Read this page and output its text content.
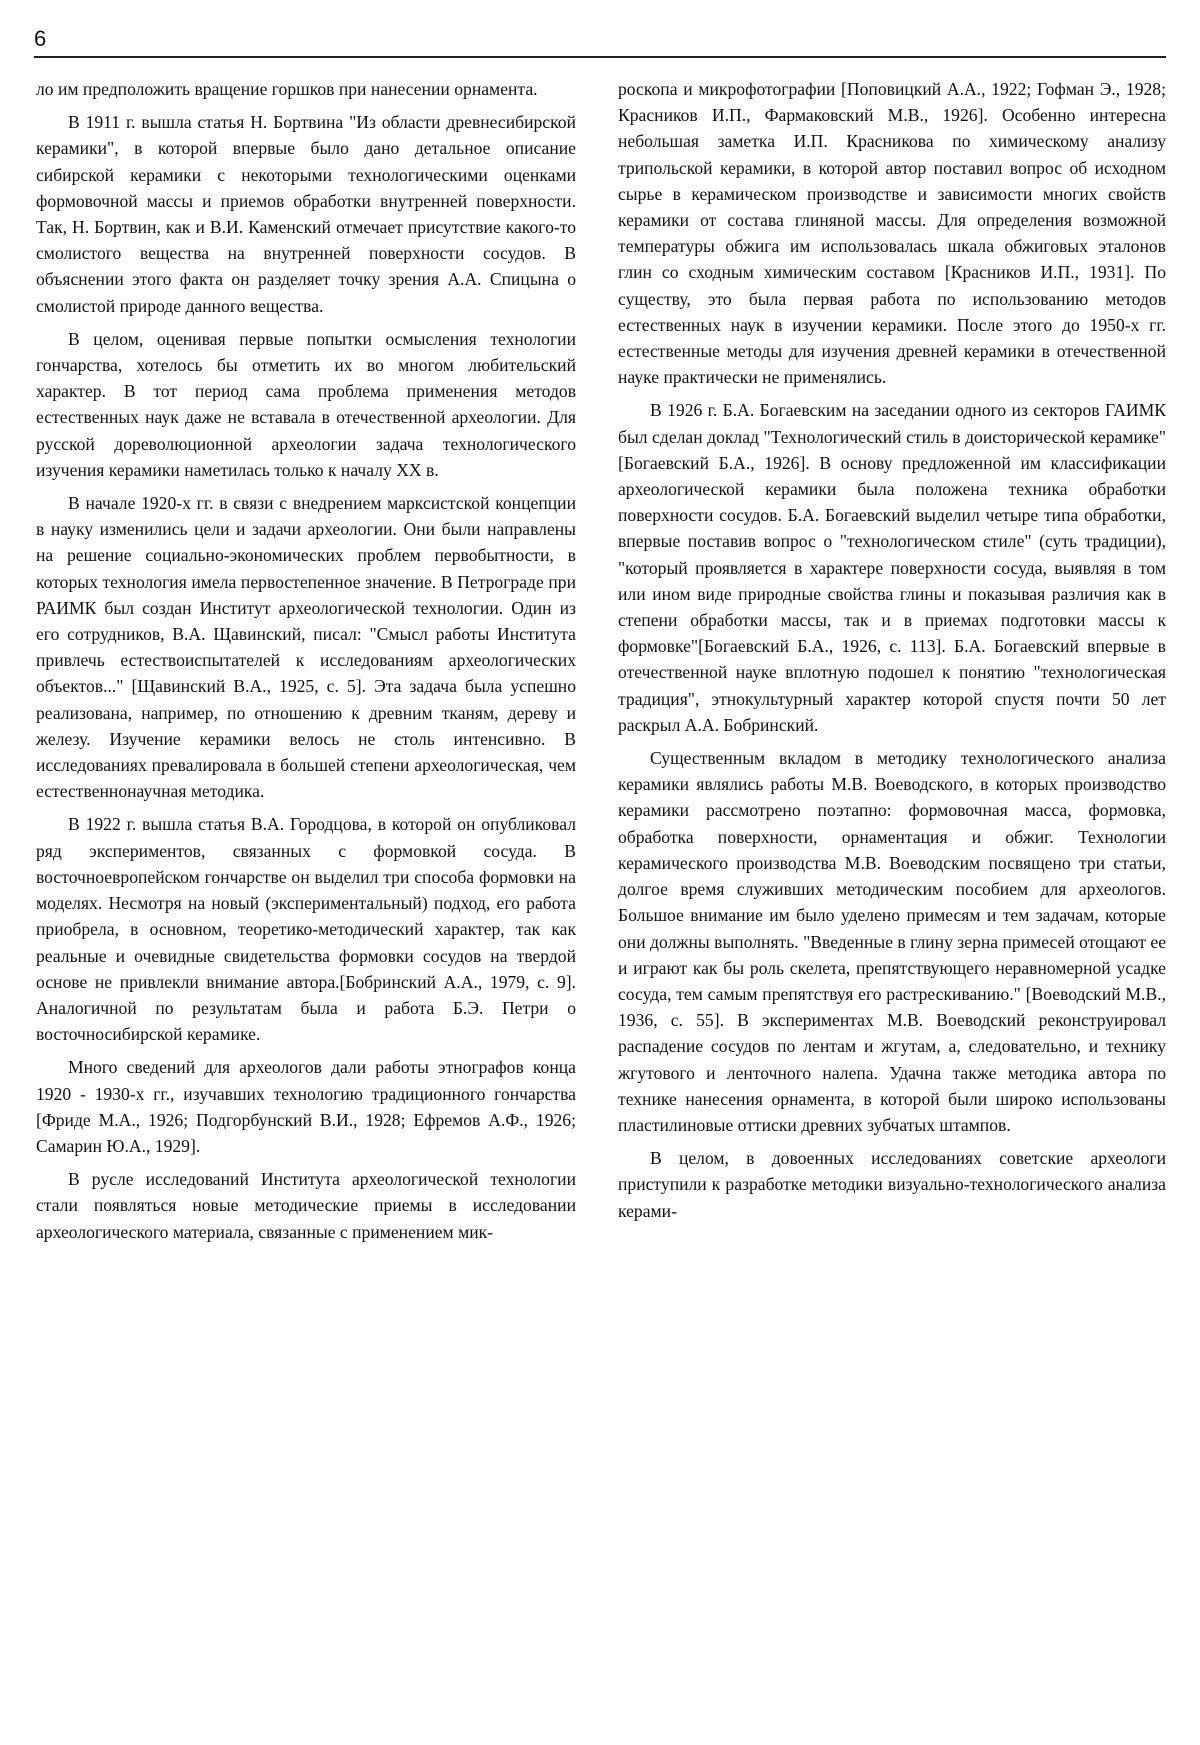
6

ло им предположить вращение горшков при нанесении орнамента.

В 1911 г. вышла статья Н. Бортвина "Из области древнесибирской керамики", в которой впервые было дано детальное описание сибирской керамики с некоторыми технологическими оценками формовочной массы и приемов обработки внутренней поверхности. Так, Н. Бортвин, как и В.И. Каменский отмечает присутствие какого-то смолистого вещества на внутренней поверхности сосудов. В объяснении этого факта он разделяет точку зрения А.А. Спицына о смолистой природе данного вещества.

В целом, оценивая первые попытки осмысления технологии гончарства, хотелось бы отметить их во многом любительский характер. В тот период сама проблема применения методов естественных наук даже не вставала в отечественной археологии. Для русской дореволюционной археологии задача технологического изучения керамики наметилась только к началу XX в.

В начале 1920-х гг. в связи с внедрением марксистской концепции в науку изменились цели и задачи археологии. Они были направлены на решение социально-экономических проблем первобытности, в которых технология имела первостепенное значение. В Петрограде при РАИМК был создан Институт археологической технологии. Один из его сотрудников, В.А. Щавинский, писал: "Смысл работы Института привлечь естествоиспытателей к исследованиям археологических объектов..." [Щавинский В.А., 1925, с. 5]. Эта задача была успешно реализована, например, по отношению к древним тканям, дереву и железу. Изучение керамики велось не столь интенсивно. В исследованиях превалировала в большей степени археологическая, чем естественнонаучная методика.

В 1922 г. вышла статья В.А. Городцова, в которой он опубликовал ряд экспериментов, связанных с формовкой сосуда. В восточноевропейском гончарстве он выделил три способа формовки на моделях. Несмотря на новый (экспериментальный) подход, его работа приобрела, в основном, теоретико-методический характер, так как реальные и очевидные свидетельства формовки сосудов на твердой основе не привлекли внимание автора.[Бобринский А.А., 1979, с. 9]. Аналогичной по результатам была и работа Б.Э. Петри о восточносибирской керамике.

Много сведений для археологов дали работы этнографов конца 1920 - 1930-х гг., изучавших технологию традиционного гончарства [Фриде М.А., 1926; Подгорбунский В.И., 1928; Ефремов А.Ф., 1926; Самарин Ю.А., 1929].

В русле исследований Института археологической технологии стали появляться новые методические приемы в исследовании археологического материала, связанные с применением мик-

роскопа и микрофотографии [Поповицкий А.А., 1922; Гофман Э., 1928; Красников И.П., Фармаковский М.В., 1926]. Особенно интересна небольшая заметка И.П. Красникова по химическому анализу трипольской керамики, в которой автор поставил вопрос об исходном сырье в керамическом производстве и зависимости многих свойств керамики от состава глиняной массы. Для определения возможной температуры обжига им использовалась шкала обжиговых эталонов глин со сходным химическим составом [Красников И.П., 1931]. По существу, это была первая работа по использованию методов естественных наук в изучении керамики. После этого до 1950-х гг. естественные методы для изучения древней керамики в отечественной науке практически не применялись.

В 1926 г. Б.А. Богаевским на заседании одного из секторов ГАИМК был сделан доклад "Технологический стиль в доисторической керамике" [Богаевский Б.А., 1926]. В основу предложенной им классификации археологической керамики была положена техника обработки поверхности сосудов. Б.А. Богаевский выделил четыре типа обработки, впервые поставив вопрос о "технологическом стиле" (суть традиции), "который проявляется в характере поверхности сосуда, выявляя в том или ином виде природные свойства глины и показывая различия как в степени обработки массы, так и в приемах подготовки массы к формовке"[Богаевский Б.А., 1926, с. 113]. Б.А. Богаевский впервые в отечественной науке вплотную подошел к понятию "технологическая традиция", этнокультурный характер которой спустя почти 50 лет раскрыл А.А. Бобринский.

Существенным вкладом в методику технологического анализа керамики являлись работы М.В. Воеводского, в которых производство керамики рассмотрено поэтапно: формовочная масса, формовка, обработка поверхности, орнаментация и обжиг. Технологии керамического производства М.В. Воеводским посвящено три статьи, долгое время служивших методическим пособием для археологов. Большое внимание им было уделено примесям и тем задачам, которые они должны выполнять. "Введенные в глину зерна примесей отощают ее и играют как бы роль скелета, препятствующего неравномерной усадке сосуда, тем самым препятствуя его растрескиванию." [Воеводский М.В., 1936, с. 55]. В экспериментах М.В. Воеводский реконструировал распадение сосудов по лентам и жгутам, а, следовательно, и технику жгутового и ленточного налепа. Удачна также методика автора по технике нанесения орнамента, в которой были широко использованы пластилиновые оттиски древних зубчатых штампов.

В целом, в довоенных исследованиях советские археологи приступили к разработке методики визуально-технологического анализа керами-
